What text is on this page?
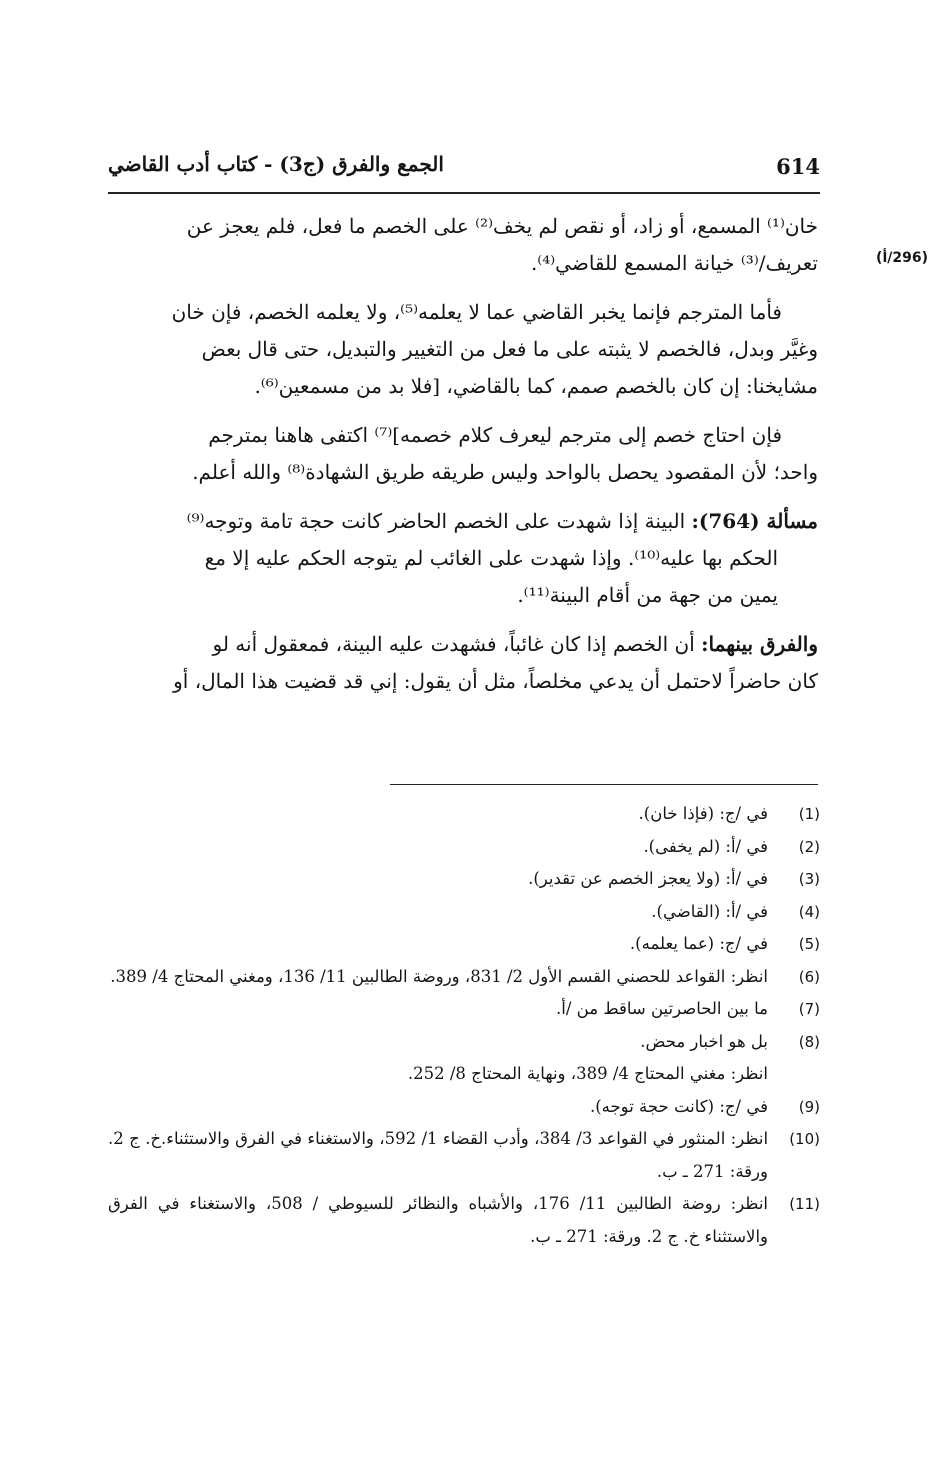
614
الجمع والفرق (ج3) - كتاب أدب القاضي
(296/أ)

خان⁽¹⁾ المسمع، أو زاد، أو نقص لم يخف⁽²⁾ على الخصم ما فعل، فلم يعجز عن

تعريف/⁽³⁾ خيانة المسمع للقاضي⁽⁴⁾.

فأما المترجم فإنما يخبر القاضي عما لا يعلمه⁽⁵⁾، ولا يعلمه الخصم، فإن خان

وغيَّر وبدل، فالخصم لا يثبته على ما فعل من التغيير والتبديل، حتى قال بعض

مشايخنا: إن كان بالخصم صمم، كما بالقاضي، [فلا بد من مسمعين⁽⁶⁾.

فإن احتاج خصم إلى مترجم ليعرف كلام خصمه]⁽⁷⁾ اكتفى هاهنا بمترجم

واحد؛ لأن المقصود يحصل بالواحد وليس طريقه طريق الشهادة⁽⁸⁾ والله أعلم.

مسألة (764): البينة إذا شهدت على الخصم الحاضر كانت حجة تامة وتوجه⁽⁹⁾

الحكم بها عليه⁽¹⁰⁾. وإذا شهدت على الغائب لم يتوجه الحكم عليه إلا مع

يمين من جهة من أقام البينة⁽¹¹⁾.

والفرق بينهما: أن الخصم إذا كان غائباً، فشهدت عليه البينة، فمعقول أنه لو

كان حاضراً لاحتمل أن يدعي مخلصاً، مثل أن يقول: إني قد قضيت هذا المال، أو

(1)
في /ج: (فإذا خان).
(2)
في /أ: (لم يخفى).
(3)
في /أ: (ولا يعجز الخصم عن تقدير).
(4)
في /أ: (القاضي).
(5)
في /ج: (عما يعلمه).
(6)
انظر: القواعد للحصني القسم الأول 2/ 831، وروضة الطالبين 11/ 136، ومغني المحتاج 4/ 389.
(7)
ما بين الحاصرتين ساقط من /أ.
(8)
بل هو اخبار محض.
انظر: مغني المحتاج 4/ 389، ونهاية المحتاج 8/ 252.
(9)
في /ج: (كانت حجة توجه).
(10)
انظر: المنثور في القواعد 3/ 384، وأدب القضاء 1/ 592، والاستغناء في الفرق والاستثناء.خ. ج 2. ورقة: 271 ـ ب.
(11)
انظر: روضة الطالبين 11/ 176، والأشباه والنظائر للسيوطي / 508، والاستغناء في الفرق والاستثناء خ. ج 2. ورقة: 271 ـ ب.
